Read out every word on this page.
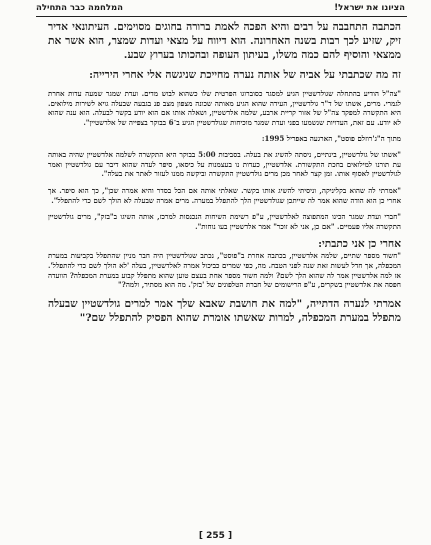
הציונו את ישראל!
המלחמה כבר התחילה

הכתבה התחבבה על רבים והיא הפכה לאמת ברורה בחוגים מסוימים. העיתונאי אדיר זיק, שזיע לכך רבות בשנה האחרונה. הוא דיווח על מצאי ועדות שמצר, הוא אשר את ממצאי והוסיף להם כמה משלו, בעיתון העופה ובהכותו בערוץ שבע.

זה מה שכתבתי על אביה של אותה נערה מחייכת שניגשה אלי אחרי הירייה:

"צה"ל הודיע בהתחלה שגולדשטיין הגיע למסגד כסוברוגו הפרטית שלו כשהוא לבוש מדים. ועדת שמגר שמעה עדות אחרת לגמרי. מרים, אשתו של ד"ר גולדשטיין, העידה שהוא הגיע מאותה שכונה מצפון מצב פנ בגבעה שבעלה גויא לשירות מילואים. היא התקשרה למפקד צה"ל של אזור קריית ארבע, שלמה אלדשטיין, ושאלה אותו אם הוא יודע בקשר לבעלה. הוא ענה שהוא לא יודע. עם זאת, העדויות שנשמעו בפני ועדת שמגר מוכיחות שגולדשטיין הגיע ב־6 בבוקר בצפייה של אלדשטיין".

מתוך ה"ג'רוזלם פוסט", הארגעה באפריל 1995:

"אשתו של גולדשטיין, בינתיים, ניסתה להשיג את בעלה. בסביבות 5:00 בבוקר היא התקשרה לשלמה אלדשטיין שהיה באותה עת תורנו למילואים בחכת התקשורת. אלדשטיין, כעדות נו בעצמנות על כיסאו, סיפר לעדה שהוא דיבר עם גולדשטיין ואמר לגולדשטיין לאסוף אותו. זמן קצר לאחר מכן מרים גולדשטיין התקשרה וביקשה ממנו לעזור לאתר את בעלה".

"אמרתי לה שהוא בקליניקה, וניסיתי להשיג אותו בקשר. שאלתי אותה אם הכל בסדר והיא אמרה שכן", כך הוא סיפר. אך אחרי כן הוא הודה שהוא אמר לה שייתכן שגולדשטיין הלך להתפלל במערה. מרים אמרה שבעלה לא הולך לשם כדי להתפלל".

"חברי ועדת שמגר הכינו המתפוצה לאלדשטיין, ע"פ רשימת השיחות הנכנסות למרכז, אותה השיגו ב"בזק", מרים גולדשטיין התקשרה אליו פעמיים. "אם כן, אני לא זוכר" אמר אלדשטיין בעו נוחות".

אחרי כן אני כתבתי:

"חשוד מספר שתיים, שלמה אלדשטיין, בכתבה אחרת ב"פוסט", נכתב שגולדשטיין היה חבר מניין שהתפלל בקביעות במערת המכפלה, אך חדל לעשות זאת שנה לפני הטבח. מה, כפי שמרים כביכול אמרה לאלדשטיין, בעלה 'לא הולך לשם כדי להתפלל'. אז למה אלדשטיין אמר לה שהוא הלך לשם? ולמה חשוד מספר אחת בעצם טוען שהוא מתפלל קבוע במערת המכפלה? הוועדה חפסה את אלדשטיין בשקרים, ע"פ הרישומים של חברת הטלפונים של 'בזק'. מה הוא מסתיר, ולמה?"

אמרתי לנערה הדתייה, "למה את חושבת שאבא שלך אמר למרים גולדשטיין שבעלה מתפלל במערת המכפלה, למרות שאשתו אומרת שהוא הפסיק להתפלל שם?"

[ 255 ]
